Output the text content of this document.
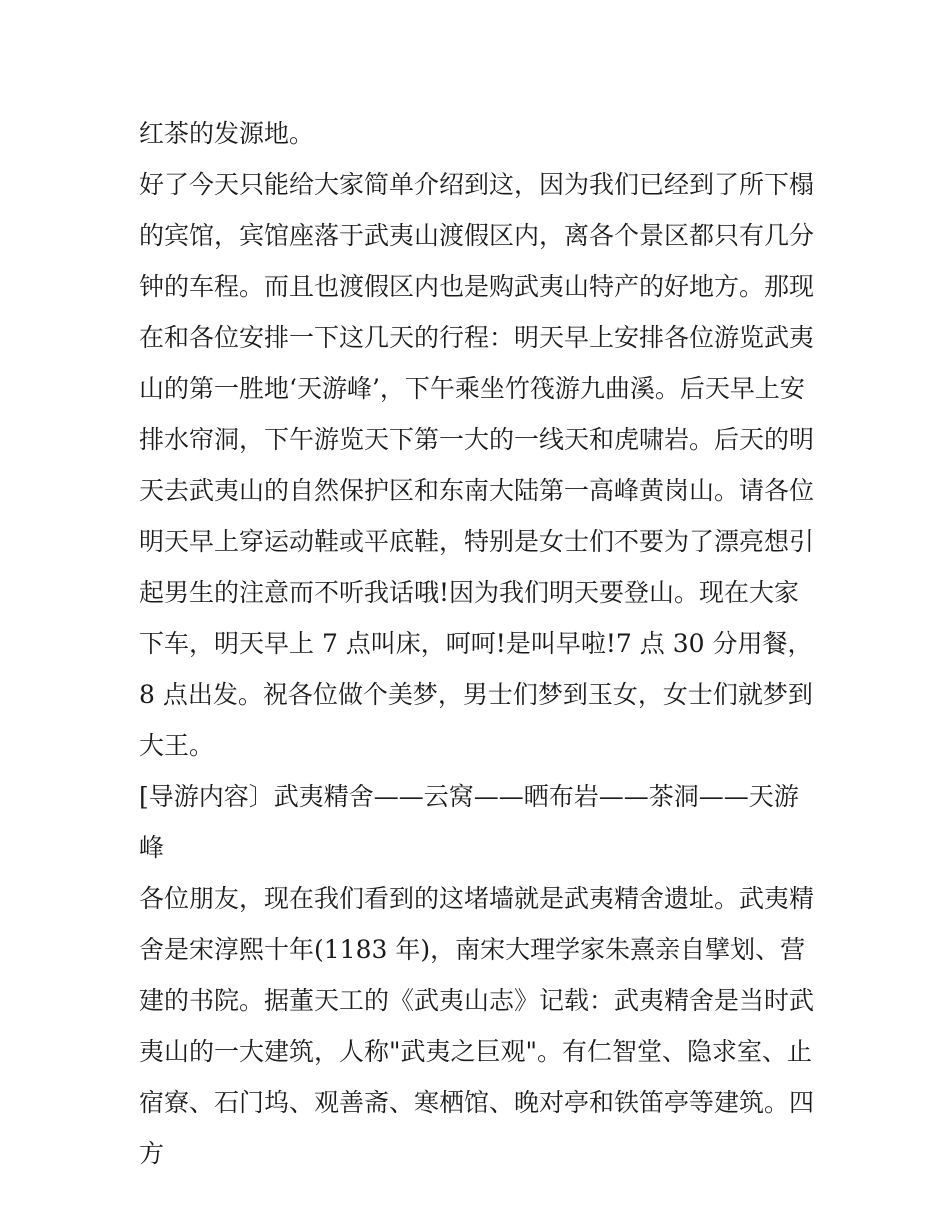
红茶的发源地。

好了今天只能给大家简单介绍到这，因为我们已经到了所下榻的宾馆，宾馆座落于武夷山渡假区内，离各个景区都只有几分钟的车程。而且也渡假区内也是购武夷山特产的好地方。那现在和各位安排一下这几天的行程：明天早上安排各位游览武夷山的第一胜地‘天游峰’，下午乘坐竹筏游九曲溪。后天早上安排水帘洞，下午游览天下第一大的一线天和虎啸岩。后天的明天去武夷山的自然保护区和东南大陆第一高峰黄岗山。请各位明天早上穿运动鞋或平底鞋，特别是女士们不要为了漂亮想引起男生的注意而不听我话哦!因为我们明天要登山。现在大家下车，明天早上 7 点叫床，呵呵!是叫早啦!7 点 30 分用餐，8 点出发。祝各位做个美梦，男士们梦到玉女，女士们就梦到大王。

[导游内容〕武夷精舍——云窝——晒布岩——茶洞——天游峰

各位朋友，现在我们看到的这堵墙就是武夷精舍遗址。武夷精舍是宋淳熙十年(1183 年)，南宋大理学家朱熹亲自擘划、营建的书院。据董天工的《武夷山志》记载：武夷精舍是当时武夷山的一大建筑，人称"武夷之巨观"。有仁智堂、隐求室、止宿寮、石门坞、观善斋、寒栖馆、晚对亭和铁笛亭等建筑。四方
